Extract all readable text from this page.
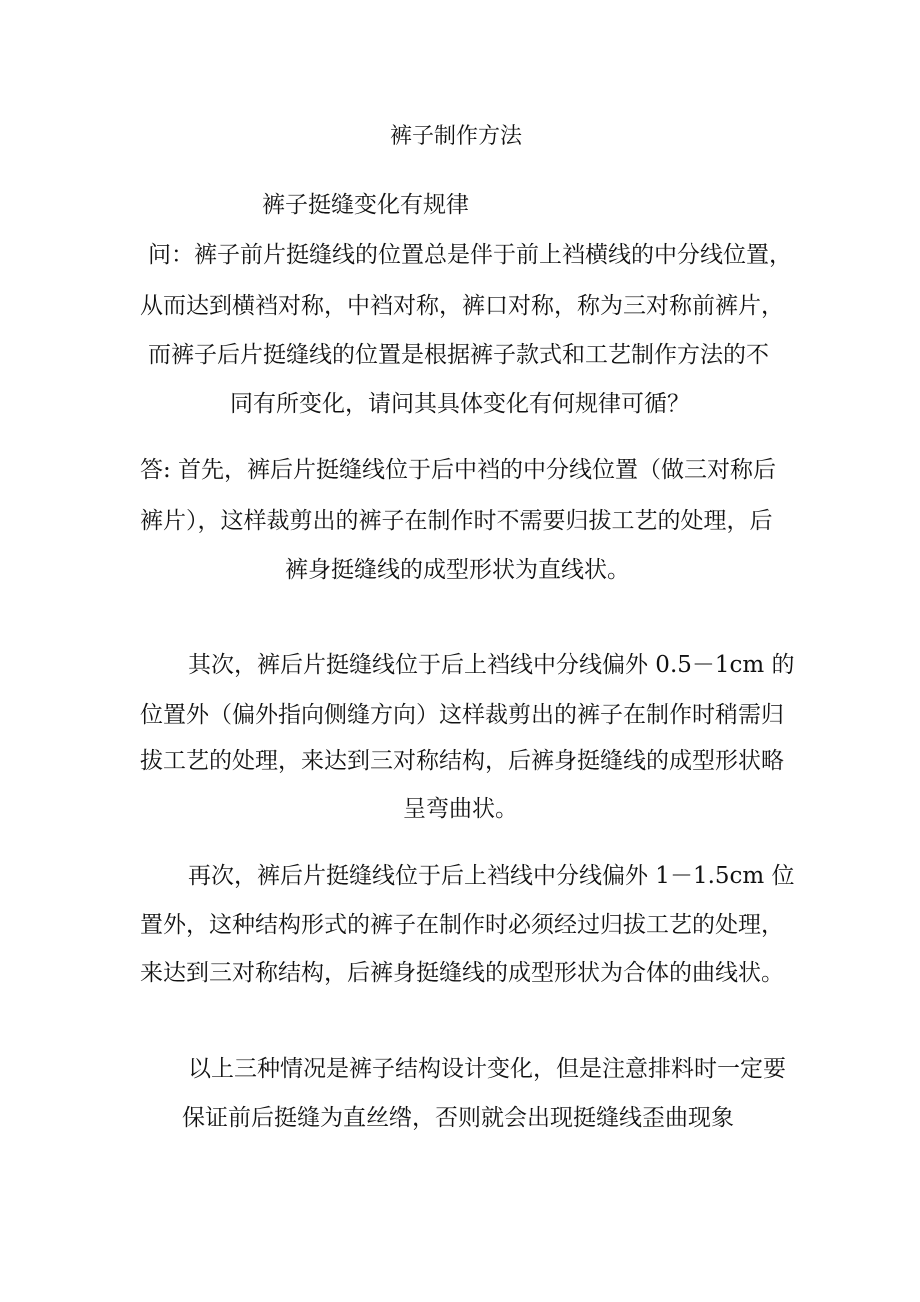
裤子制作方法
裤子挺缝变化有规律
问：裤子前片挺缝线的位置总是伴于前上裆横线的中分线位置，
从而达到横裆对称，中裆对称，裤口对称，称为三对称前裤片，
而裤子后片挺缝线的位置是根据裤子款式和工艺制作方法的不
同有所变化，请问其具体变化有何规律可循？
答: 首先，裤后片挺缝线位于后中裆的中分线位置（做三对称后
裤片），这样裁剪出的裤子在制作时不需要归拔工艺的处理，后
裤身挺缝线的成型形状为直线状。
其次，裤后片挺缝线位于后上裆线中分线偏外 0.5－1cm 的
位置外（偏外指向侧缝方向）这样裁剪出的裤子在制作时稍需归
拔工艺的处理，来达到三对称结构，后裤身挺缝线的成型形状略
呈弯曲状。
再次，裤后片挺缝线位于后上裆线中分线偏外 1－1.5cm 位
置外，这种结构形式的裤子在制作时必须经过归拔工艺的处理，
来达到三对称结构，后裤身挺缝线的成型形状为合体的曲线状。
以上三种情况是裤子结构设计变化，但是注意排料时一定要
保证前后挺缝为直丝绺，否则就会出现挺缝线歪曲现象
